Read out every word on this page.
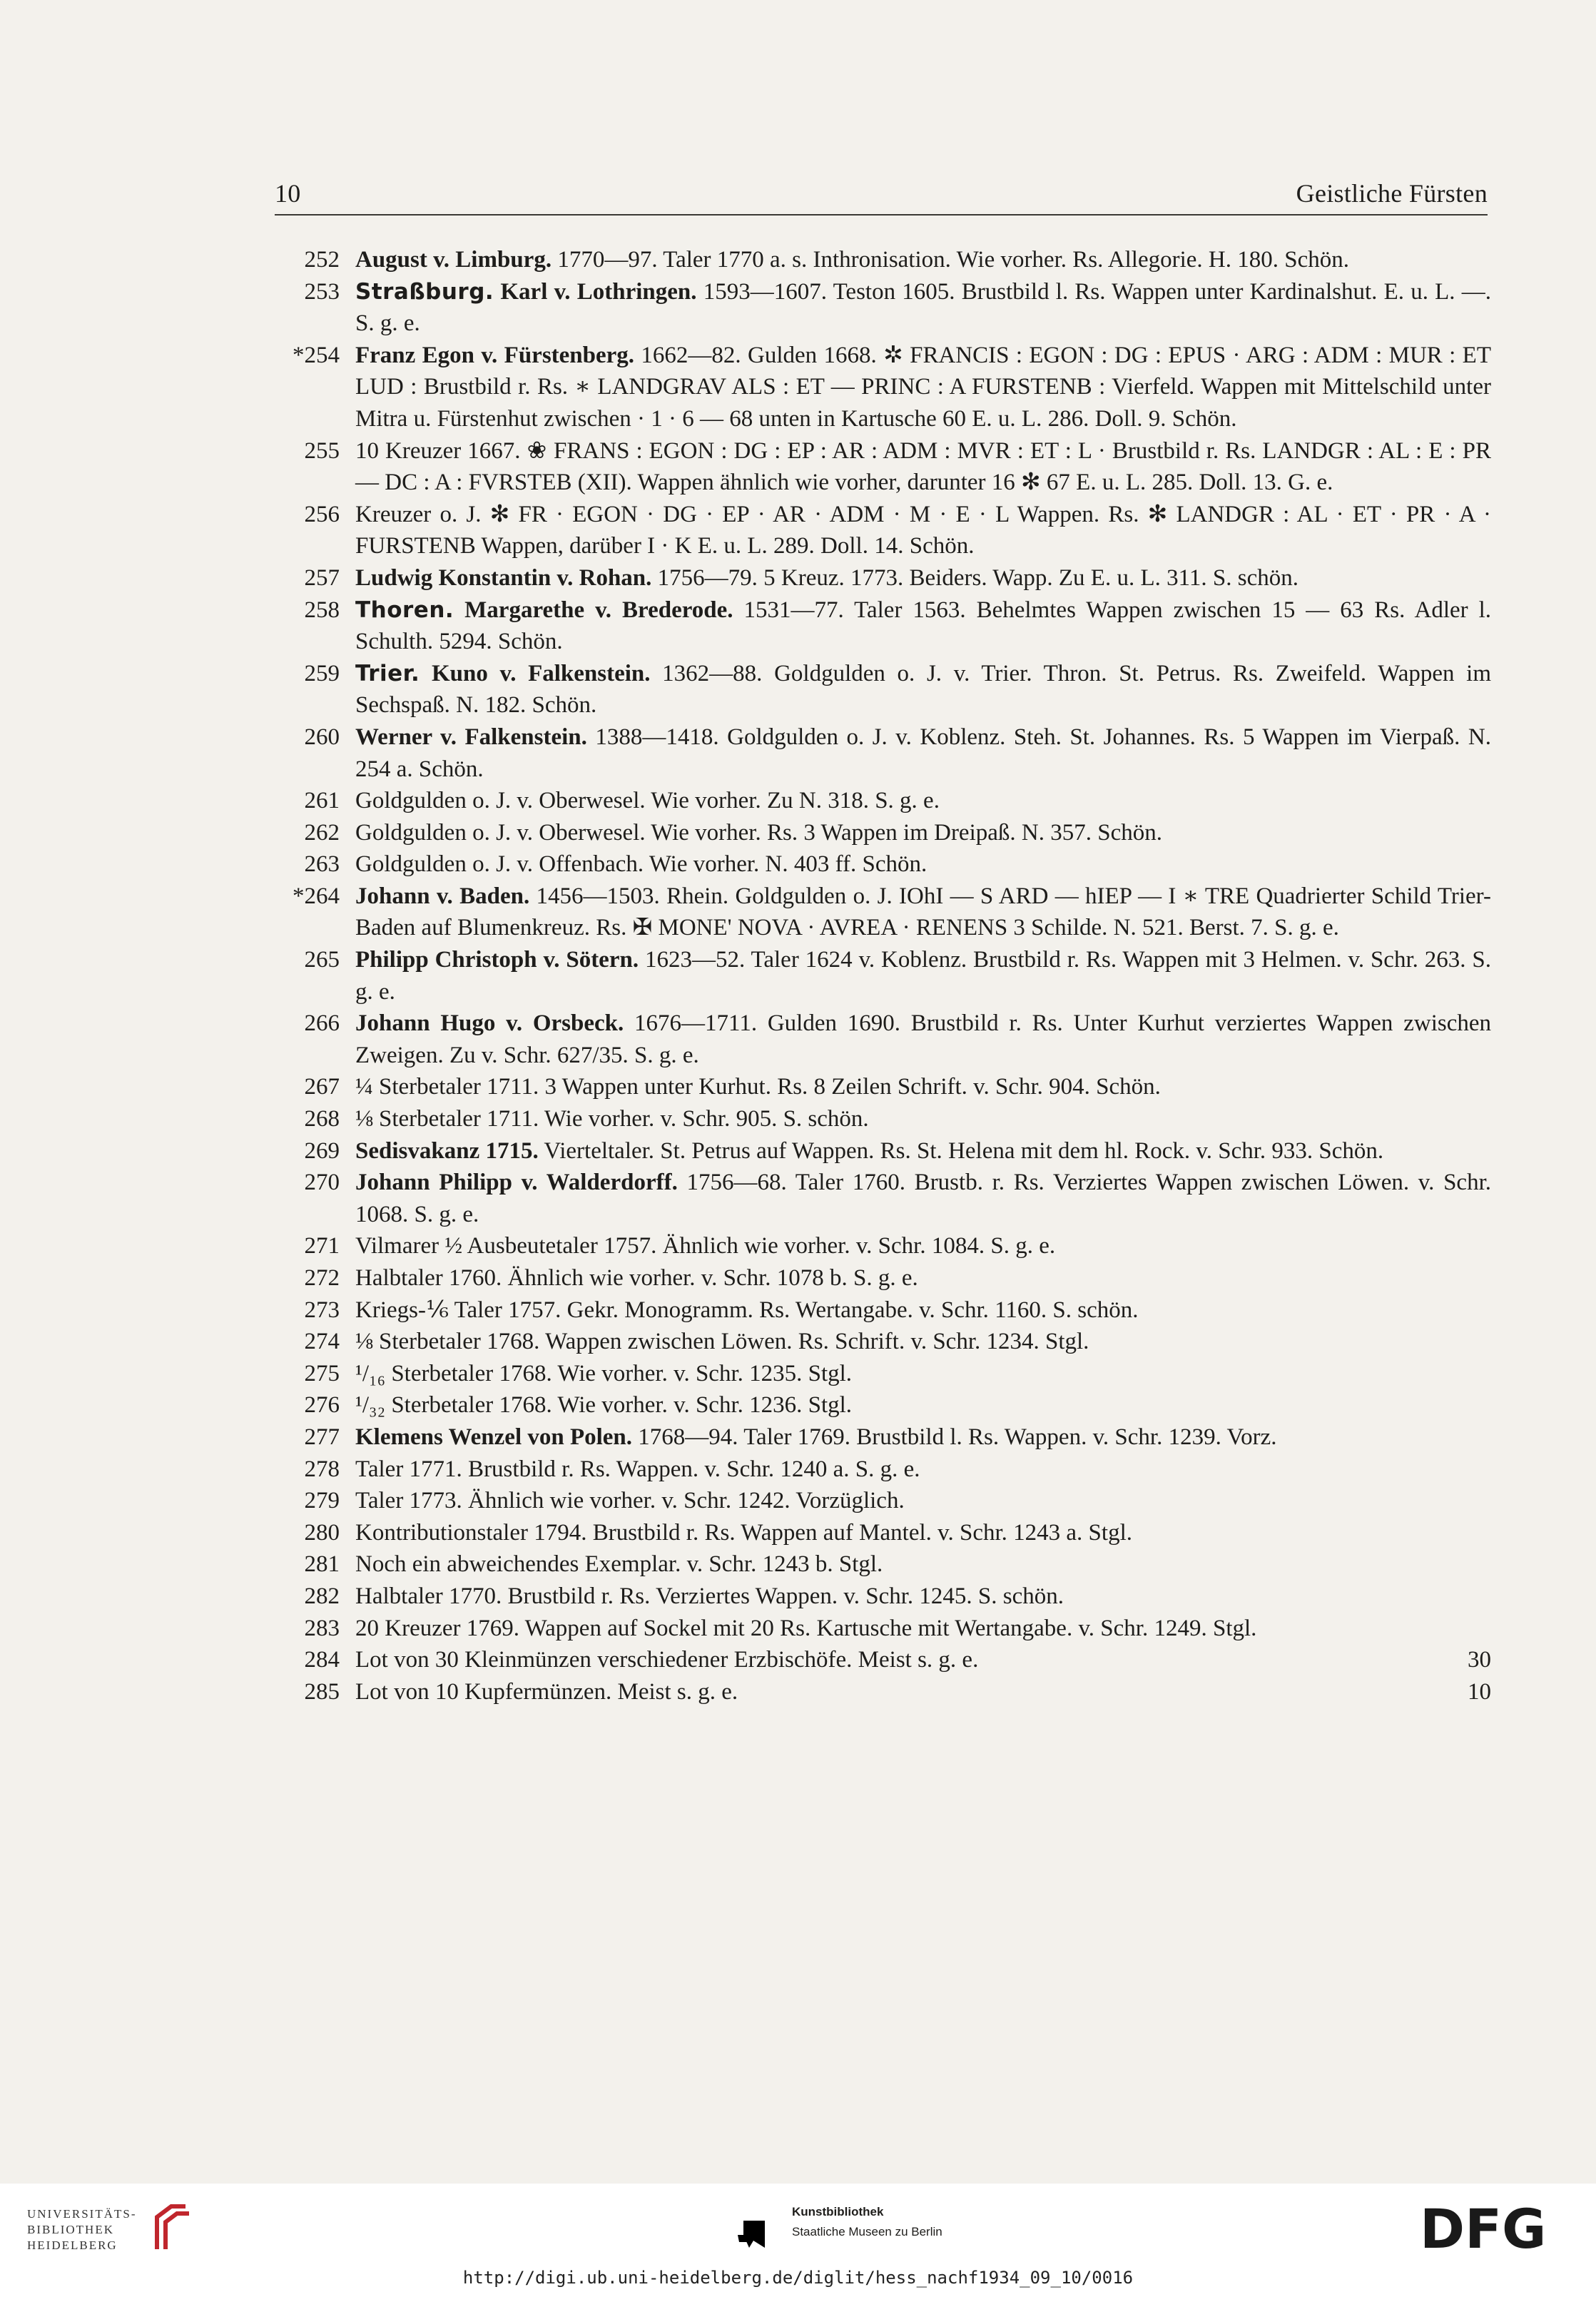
10	Geistliche Fürsten
252 August v. Limburg. 1770—97. Taler 1770 a. s. Inthronisation. Wie vorher. Rs. Allegorie. H. 180. Schön.
253 Straßburg. Karl v. Lothringen. 1593—1607. Teston 1605. Brustbild l. Rs. Wappen unter Kardinalshut. E. u. L. —. S. g. e.
*254 Franz Egon v. Fürstenberg. 1662—82. Gulden 1668. ✲ FRANCIS : EGON : DG : EPUS · ARG : ADM : MUR : ET LUD : Brustbild r. Rs. ∗ LANDGRAV ALS : ET — PRINC : A FURSTENB : Vierfeld. Wappen mit Mittelschild unter Mitra u. Fürstenhut zwischen · 1 · 6 — 68 unten in Kartusche 60 E. u. L. 286. Doll. 9. Schön.
255 10 Kreuzer 1667. ❀ FRANS : EGON : DG : EP : AR : ADM : MVR : ET : L · Brustbild r. Rs. LANDGR : AL : E : PR — DC : A : FVRSTEB (XII). Wappen ähnlich wie vorher, darunter 16 ✻ 67 E. u. L. 285. Doll. 13. G. e.
256 Kreuzer o. J. ✻ FR · EGON · DG · EP · AR · ADM · M · E · L Wappen. Rs. ✻ LANDGR : AL · ET · PR · A · FURSTENB Wappen, darüber I · K E. u. L. 289. Doll. 14. Schön.
257 Ludwig Konstantin v. Rohan. 1756—79. 5 Kreuz. 1773. Beiders. Wapp. Zu E. u. L. 311. S. schön.
258 Thoren. Margarethe v. Brederode. 1531—77. Taler 1563. Behelmtes Wappen zwischen 15 — 63 Rs. Adler l. Schulth. 5294. Schön.
259 Trier. Kuno v. Falkenstein. 1362—88. Goldgulden o. J. v. Trier. Thron. St. Petrus. Rs. Zweifeld. Wappen im Sechspaß. N. 182. Schön.
260 Werner v. Falkenstein. 1388—1418. Goldgulden o. J. v. Koblenz. Steh. St. Johannes. Rs. 5 Wappen im Vierpaß. N. 254 a. Schön.
261 Goldgulden o. J. v. Oberwesel. Wie vorher. Zu N. 318. S. g. e.
262 Goldgulden o. J. v. Oberwesel. Wie vorher. Rs. 3 Wappen im Dreipaß. N. 357. Schön.
263 Goldgulden o. J. v. Offenbach. Wie vorher. N. 403 ff. Schön.
*264 Johann v. Baden. 1456—1503. Rhein. Goldgulden o. J. IOhI — S ARD — hIEP — I ∗ TRE Quadrierter Schild Trier-Baden auf Blumenkreuz. Rs. ✠ MONE' NOVA · AVREA · RENENS 3 Schilde. N. 521. Berst. 7. S. g. e.
265 Philipp Christoph v. Sötern. 1623—52. Taler 1624 v. Koblenz. Brustbild r. Rs. Wappen mit 3 Helmen. v. Schr. 263. S. g. e.
266 Johann Hugo v. Orsbeck. 1676—1711. Gulden 1690. Brustbild r. Rs. Unter Kurhut verziertes Wappen zwischen Zweigen. Zu v. Schr. 627/35. S. g. e.
267 ¼ Sterbetaler 1711. 3 Wappen unter Kurhut. Rs. 8 Zeilen Schrift. v. Schr. 904. Schön.
268 ⅛ Sterbetaler 1711. Wie vorher. v. Schr. 905. S. schön.
269 Sedisvakanz 1715. Vierteltaler. St. Petrus auf Wappen. Rs. St. Helena mit dem hl. Rock. v. Schr. 933. Schön.
270 Johann Philipp v. Walderdorff. 1756—68. Taler 1760. Brustb. r. Rs. Verziertes Wappen zwischen Löwen. v. Schr. 1068. S. g. e.
271 Vilmarer ½ Ausbeutetaler 1757. Ähnlich wie vorher. v. Schr. 1084. S. g. e.
272 Halbtaler 1760. Ähnlich wie vorher. v. Schr. 1078 b. S. g. e.
273 Kriegs-⅙ Taler 1757. Gekr. Monogramm. Rs. Wertangabe. v. Schr. 1160. S. schön.
274 ⅛ Sterbetaler 1768. Wappen zwischen Löwen. Rs. Schrift. v. Schr. 1234. Stgl.
275 ¹/₁₆ Sterbetaler 1768. Wie vorher. v. Schr. 1235. Stgl.
276 ¹/₃₂ Sterbetaler 1768. Wie vorher. v. Schr. 1236. Stgl.
277 Klemens Wenzel von Polen. 1768—94. Taler 1769. Brustbild l. Rs. Wappen. v. Schr. 1239. Vorz.
278 Taler 1771. Brustbild r. Rs. Wappen. v. Schr. 1240 a. S. g. e.
279 Taler 1773. Ähnlich wie vorher. v. Schr. 1242. Vorzüglich.
280 Kontributionstaler 1794. Brustbild r. Rs. Wappen auf Mantel. v. Schr. 1243 a. Stgl.
281 Noch ein abweichendes Exemplar. v. Schr. 1243 b. Stgl.
282 Halbtaler 1770. Brustbild r. Rs. Verziertes Wappen. v. Schr. 1245. S. schön.
283 20 Kreuzer 1769. Wappen auf Sockel mit 20 Rs. Kartusche mit Wertangabe. v. Schr. 1249. Stgl.
284 Lot von 30 Kleinmünzen verschiedener Erzbischöfe. Meist s. g. e.	30
285 Lot von 10 Kupfermünzen. Meist s. g. e.	10
UNIVERSITÄTS-
BIBLIOTHEK
HEIDELBERG
Kunstbibliothek
Staatliche Museen zu Berlin	DFG
http://digi.ub.uni-heidelberg.de/diglit/hess_nachf1934_09_10/0016
